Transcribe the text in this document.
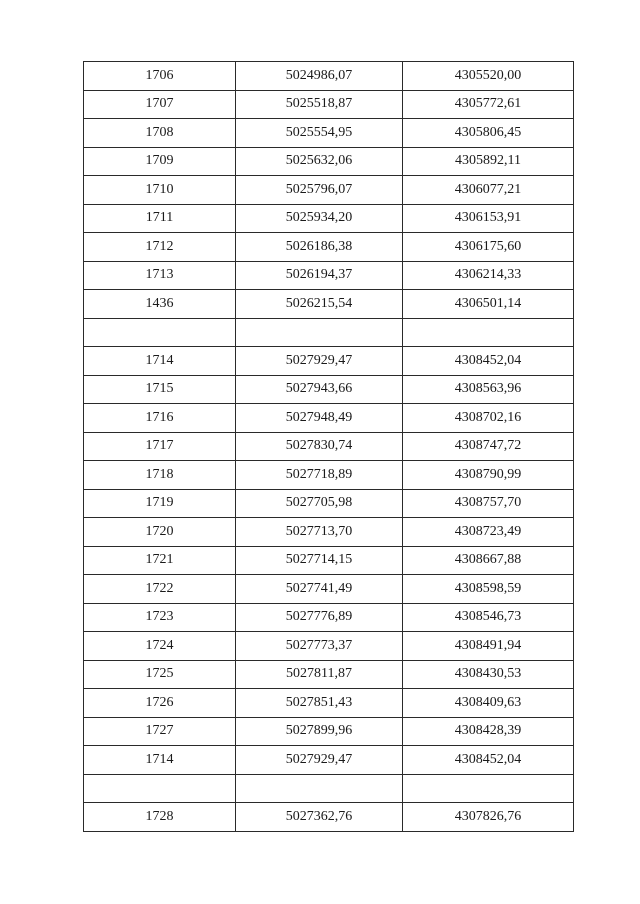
1706	5024986,07	4305520,00
1707	5025518,87	4305772,61
1708	5025554,95	4305806,45
1709	5025632,06	4305892,11
1710	5025796,07	4306077,21
1711	5025934,20	4306153,91
1712	5026186,38	4306175,60
1713	5026194,37	4306214,33
1436	5026215,54	4306501,14

1714	5027929,47	4308452,04
1715	5027943,66	4308563,96
1716	5027948,49	4308702,16
1717	5027830,74	4308747,72
1718	5027718,89	4308790,99
1719	5027705,98	4308757,70
1720	5027713,70	4308723,49
1721	5027714,15	4308667,88
1722	5027741,49	4308598,59
1723	5027776,89	4308546,73
1724	5027773,37	4308491,94
1725	5027811,87	4308430,53
1726	5027851,43	4308409,63
1727	5027899,96	4308428,39
1714	5027929,47	4308452,04

1728	5027362,76	4307826,76
